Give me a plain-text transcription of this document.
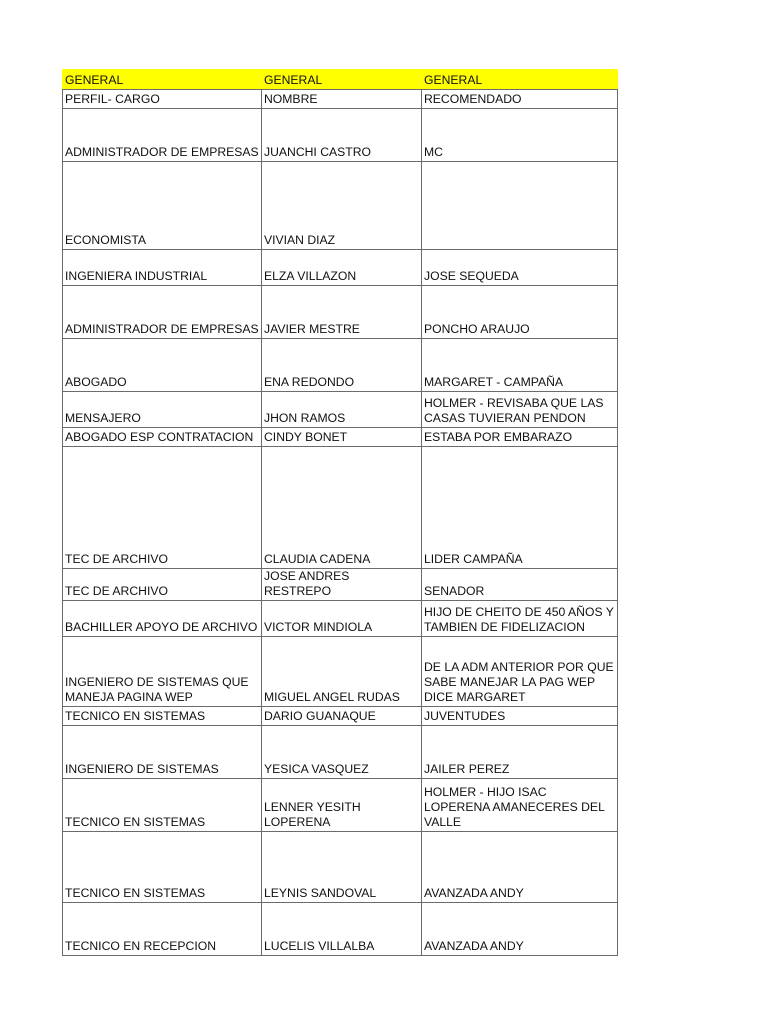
GENERAL	GENERAL	GENERAL
PERFIL- CARGO	NOMBRE	RECOMENDADO
ADMINISTRADOR DE EMPRESAS	JUANCHI CASTRO	MC
ECONOMISTA	VIVIAN DIAZ	
INGENIERA INDUSTRIAL	ELZA VILLAZON	JOSE SEQUEDA
ADMINISTRADOR DE EMPRESAS	JAVIER MESTRE	PONCHO ARAUJO
ABOGADO	ENA REDONDO	MARGARET - CAMPAÑA
MENSAJERO	JHON RAMOS	HOLMER - REVISABA QUE LAS CASAS TUVIERAN PENDON
ABOGADO ESP CONTRATACION	CINDY BONET	ESTABA POR EMBARAZO
TEC DE ARCHIVO	CLAUDIA CADENA	LIDER CAMPAÑA
TEC DE ARCHIVO	JOSE ANDRES RESTREPO	SENADOR
BACHILLER APOYO DE ARCHIVO	VICTOR MINDIOLA	HIJO DE CHEITO DE 450 AÑOS Y TAMBIEN DE FIDELIZACION
INGENIERO DE SISTEMAS QUE MANEJA PAGINA WEP	MIGUEL ANGEL RUDAS	DE LA ADM ANTERIOR POR QUE SABE MANEJAR LA PAG WEP DICE MARGARET
TECNICO EN SISTEMAS	DARIO GUANAQUE	JUVENTUDES
INGENIERO DE SISTEMAS	YESICA VASQUEZ	JAILER PEREZ
TECNICO EN SISTEMAS	LENNER YESITH LOPERENA	HOLMER - HIJO ISAC LOPERENA AMANECERES DEL VALLE
TECNICO EN SISTEMAS	LEYNIS SANDOVAL	AVANZADA ANDY
TECNICO EN RECEPCION	LUCELIS VILLALBA	AVANZADA ANDY
